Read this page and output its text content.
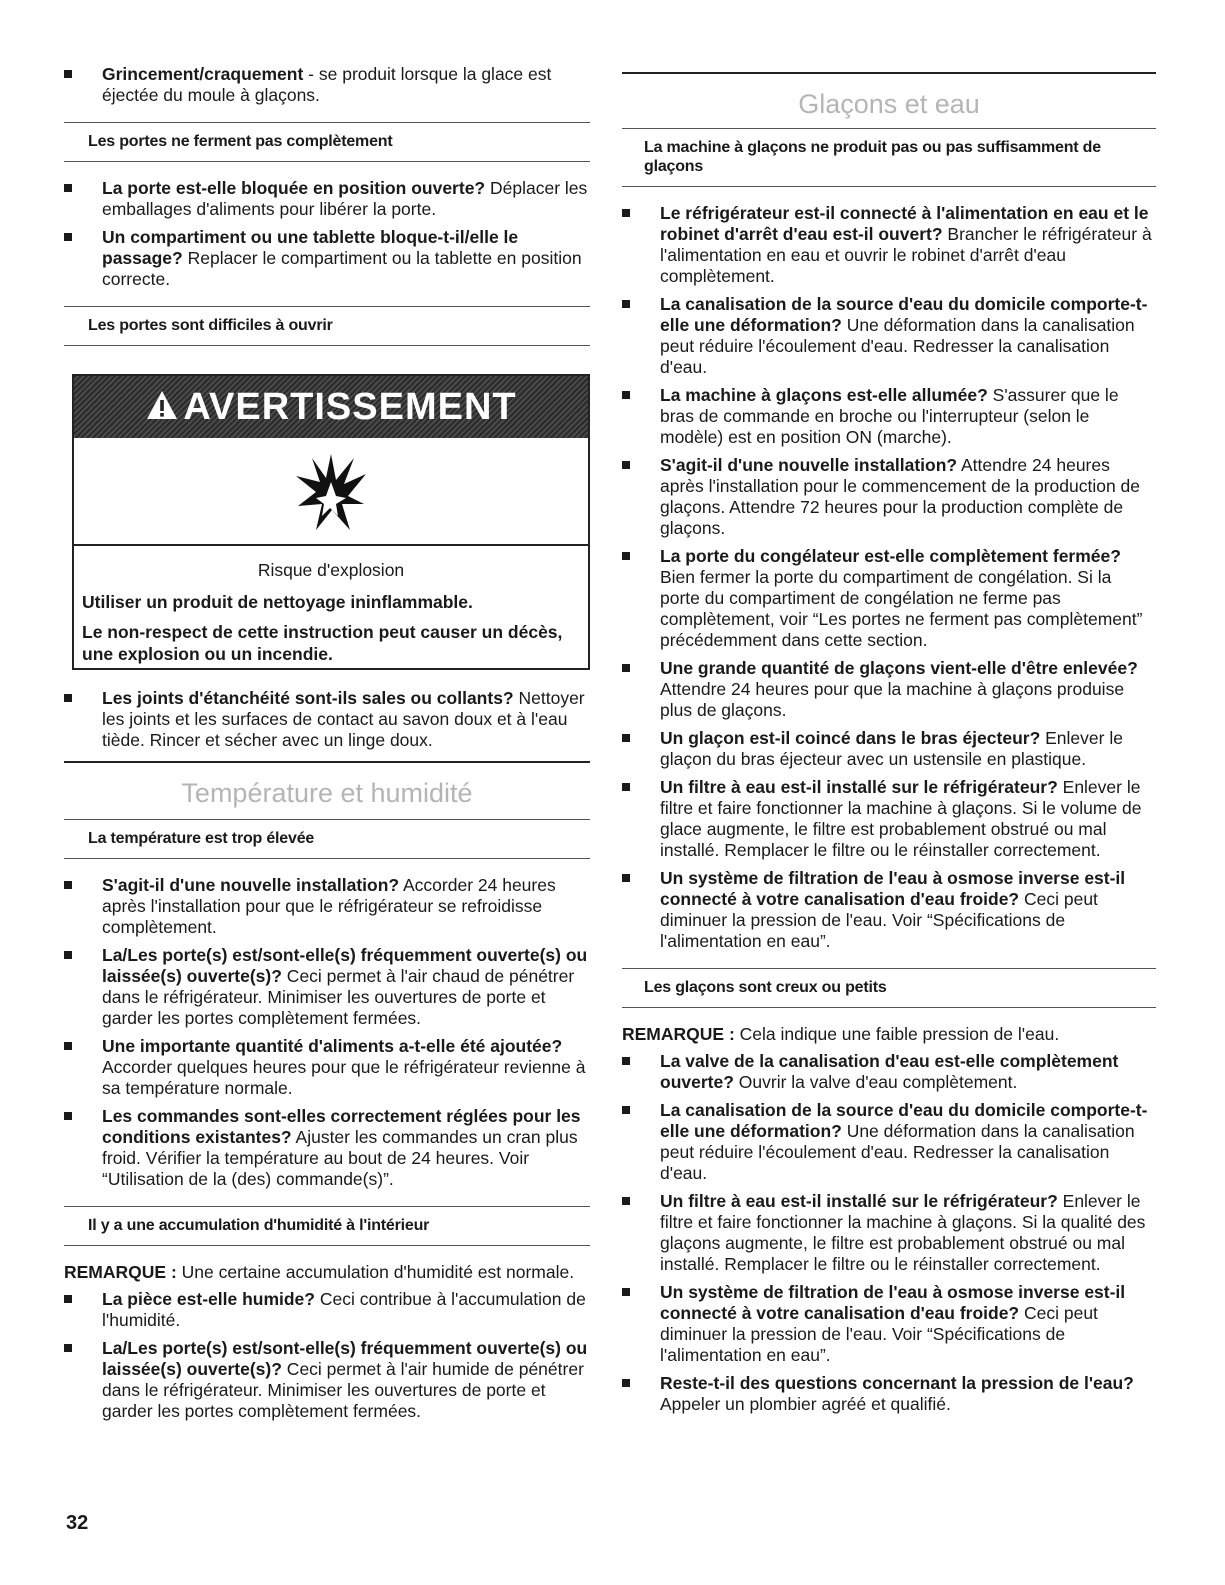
Grincement/craquement - se produit lorsque la glace est éjectée du moule à glaçons.
Les portes ne ferment pas complètement
La porte est-elle bloquée en position ouverte? Déplacer les emballages d'aliments pour libérer la porte.
Un compartiment ou une tablette bloque-t-il/elle le passage? Replacer le compartiment ou la tablette en position correcte.
Les portes sont difficiles à ouvrir
AVERTISSEMENT
Risque d'explosion
Utiliser un produit de nettoyage ininflammable.
Le non-respect de cette instruction peut causer un décès, une explosion ou un incendie.
Les joints d'étanchéité sont-ils sales ou collants? Nettoyer les joints et les surfaces de contact au savon doux et à l'eau tiède. Rincer et sécher avec un linge doux.
Température et humidité
La température est trop élevée
S'agit-il d'une nouvelle installation? Accorder 24 heures après l'installation pour que le réfrigérateur se refroidisse complètement.
La/Les porte(s) est/sont-elle(s) fréquemment ouverte(s) ou laissée(s) ouverte(s)? Ceci permet à l'air chaud de pénétrer dans le réfrigérateur. Minimiser les ouvertures de porte et garder les portes complètement fermées.
Une importante quantité d'aliments a-t-elle été ajoutée? Accorder quelques heures pour que le réfrigérateur revienne à sa température normale.
Les commandes sont-elles correctement réglées pour les conditions existantes? Ajuster les commandes un cran plus froid. Vérifier la température au bout de 24 heures. Voir “Utilisation de la (des) commande(s)”.
Il y a une accumulation d'humidité à l'intérieur
REMARQUE : Une certaine accumulation d'humidité est normale.
La pièce est-elle humide? Ceci contribue à l'accumulation de l'humidité.
La/Les porte(s) est/sont-elle(s) fréquemment ouverte(s) ou laissée(s) ouverte(s)? Ceci permet à l'air humide de pénétrer dans le réfrigérateur. Minimiser les ouvertures de porte et garder les portes complètement fermées.
Glaçons et eau
La machine à glaçons ne produit pas ou pas suffisamment de glaçons
Le réfrigérateur est-il connecté à l'alimentation en eau et le robinet d'arrêt d'eau est-il ouvert? Brancher le réfrigérateur à l'alimentation en eau et ouvrir le robinet d'arrêt d'eau complètement.
La canalisation de la source d'eau du domicile comporte-t-elle une déformation? Une déformation dans la canalisation peut réduire l'écoulement d'eau. Redresser la canalisation d'eau.
La machine à glaçons est-elle allumée? S'assurer que le bras de commande en broche ou l'interrupteur (selon le modèle) est en position ON (marche).
S'agit-il d'une nouvelle installation? Attendre 24 heures après l'installation pour le commencement de la production de glaçons. Attendre 72 heures pour la production complète de glaçons.
La porte du congélateur est-elle complètement fermée? Bien fermer la porte du compartiment de congélation. Si la porte du compartiment de congélation ne ferme pas complètement, voir “Les portes ne ferment pas complètement” précédemment dans cette section.
Une grande quantité de glaçons vient-elle d'être enlevée? Attendre 24 heures pour que la machine à glaçons produise plus de glaçons.
Un glaçon est-il coincé dans le bras éjecteur? Enlever le glaçon du bras éjecteur avec un ustensile en plastique.
Un filtre à eau est-il installé sur le réfrigérateur? Enlever le filtre et faire fonctionner la machine à glaçons. Si le volume de glace augmente, le filtre est probablement obstrué ou mal installé. Remplacer le filtre ou le réinstaller correctement.
Un système de filtration de l'eau à osmose inverse est-il connecté à votre canalisation d'eau froide? Ceci peut diminuer la pression de l'eau. Voir “Spécifications de l'alimentation en eau”.
Les glaçons sont creux ou petits
REMARQUE : Cela indique une faible pression de l'eau.
La valve de la canalisation d'eau est-elle complètement ouverte? Ouvrir la valve d'eau complètement.
La canalisation de la source d'eau du domicile comporte-t-elle une déformation? Une déformation dans la canalisation peut réduire l'écoulement d'eau. Redresser la canalisation d'eau.
Un filtre à eau est-il installé sur le réfrigérateur? Enlever le filtre et faire fonctionner la machine à glaçons. Si la qualité des glaçons augmente, le filtre est probablement obstrué ou mal installé. Remplacer le filtre ou le réinstaller correctement.
Un système de filtration de l'eau à osmose inverse est-il connecté à votre canalisation d'eau froide? Ceci peut diminuer la pression de l'eau. Voir “Spécifications de l'alimentation en eau”.
Reste-t-il des questions concernant la pression de l'eau? Appeler un plombier agréé et qualifié.
32
